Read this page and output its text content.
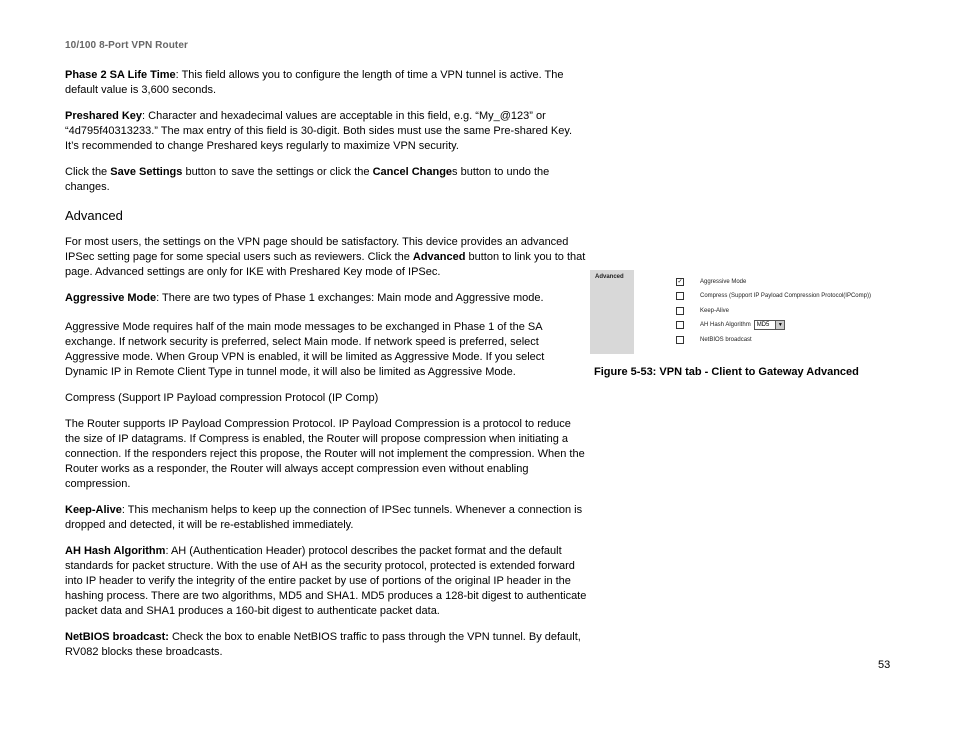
10/100 8-Port VPN Router

Phase 2 SA Life Time: This field allows you to configure the length of time a VPN tunnel is active. The default value is 3,600 seconds.

Preshared Key: Character and hexadecimal values are acceptable in this field, e.g. “My_@123” or “4d795f40313233.” The max entry of this field is 30-digit. Both sides must use the same Pre-shared Key. It’s recommended to change Preshared keys regularly to maximize VPN security.

Click the Save Settings button to save the settings or click the Cancel Changes button to undo the changes.

Advanced

For most users, the settings on the VPN page should be satisfactory. This device provides an advanced IPSec setting page for some special users such as reviewers. Click the Advanced button to link you to that page. Advanced settings are only for IKE with Preshared Key mode of IPSec.

Aggressive Mode: There are two types of Phase 1 exchanges: Main mode and Aggressive mode.

Aggressive Mode requires half of the main mode messages to be exchanged in Phase 1 of the SA exchange. If network security is preferred, select Main mode. If network speed is preferred, select Aggressive mode. When Group VPN is enabled, it will be limited as Aggressive Mode. If you select Dynamic IP in Remote Client Type in tunnel mode, it will also be limited as Aggressive Mode.

Compress (Support IP Payload compression Protocol (IP Comp)

The Router supports IP Payload Compression Protocol. IP Payload Compression is a protocol to reduce the size of IP datagrams. If Compress is enabled, the Router will propose compression when initiating a connection. If the responders reject this propose, the Router will not implement the compression. When the Router works as a responder, the Router will always accept compression even without enabling compression.

Keep-Alive: This mechanism helps to keep up the connection of IPSec tunnels. Whenever a connection is dropped and detected, it will be re-established immediately.

AH Hash Algorithm: AH (Authentication Header) protocol describes the packet format and the default standards for packet structure. With the use of AH as the security protocol, protected is extended forward into IP header to verify the integrity of the entire packet by use of portions of the original IP header in the hashing process. There are two algorithms, MD5 and SHA1. MD5 produces a 128-bit digest to authenticate packet data and SHA1 produces a 160-bit digest to authenticate packet data.

NetBIOS broadcast: Check the box to enable NetBIOS traffic to pass through the VPN tunnel. By default, RV082 blocks these broadcasts.

Advanced
✓	Aggressive Mode
Compress (Support IP Payload Compression Protocol(IPComp))
Keep-Alive
AH Hash Algorithm	MD5	▼
NetBIOS broadcast
Figure 5-53: VPN tab - Client to Gateway Advanced
53
